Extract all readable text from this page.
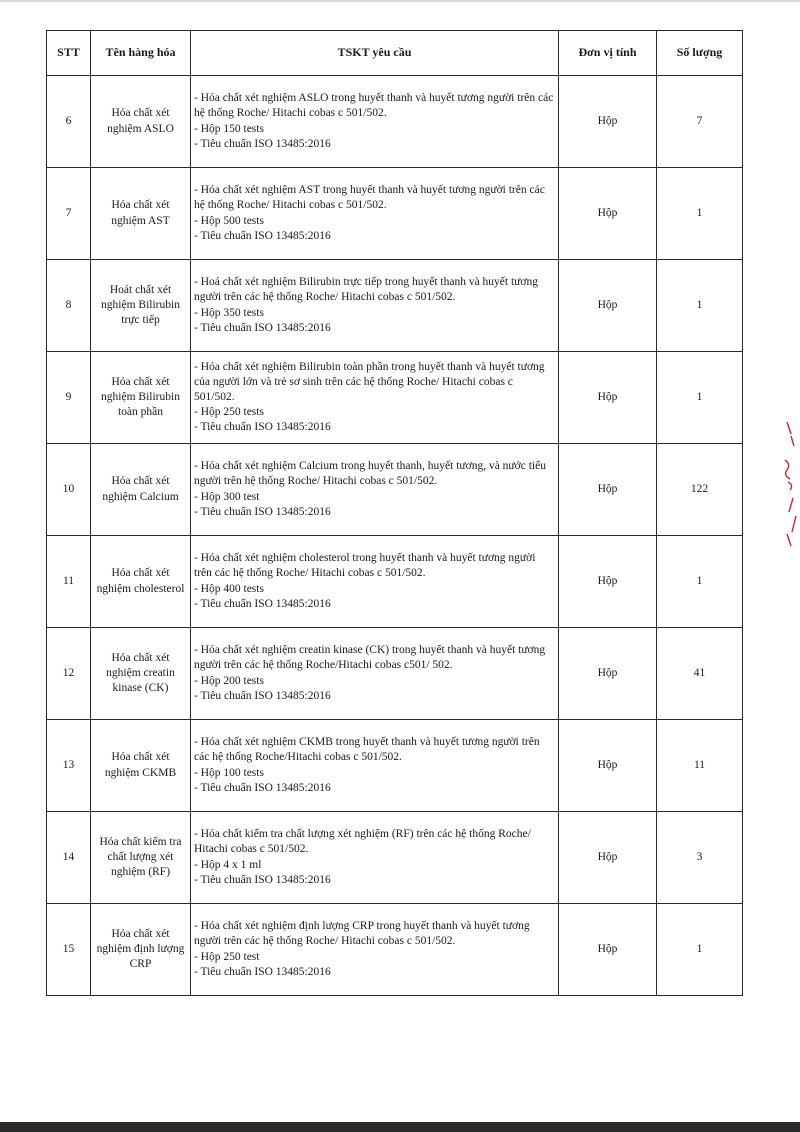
STT	Tên hàng hóa	TSKT yêu cầu	Đơn vị tính	Số lượng
6	Hóa chất xét nghiệm ASLO	- Hóa chất xét nghiệm ASLO trong huyết thanh và huyết tương người trên các hệ thống Roche/ Hitachi cobas c 501/502.
- Hộp 150 tests
- Tiêu chuẩn ISO 13485:2016	Hộp	7
7	Hóa chất xét nghiệm AST	- Hóa chất xét nghiệm AST trong huyết thanh và huyết tương người trên các hệ thống Roche/ Hitachi cobas c 501/502.
- Hộp 500 tests
- Tiêu chuẩn ISO 13485:2016	Hộp	1
8	Hoát chất xét nghiệm Bilirubin trực tiếp	- Hoá chất xét nghiệm Bilirubin trực tiếp trong huyết thanh và huyết tương người trên các hệ thống Roche/ Hitachi cobas c 501/502.
- Hộp 350 tests
- Tiêu chuẩn ISO 13485:2016	Hộp	1
9	Hóa chất xét nghiệm Bilirubin toàn phần	- Hóa chất xét nghiệm Bilirubin toàn phần trong huyết thanh và huyết tương của người lớn và trẻ sơ sinh trên các hệ thống Roche/ Hitachi cobas c 501/502.
- Hộp 250 tests
- Tiêu chuẩn ISO 13485:2016	Hộp	1
10	Hóa chất xét nghiệm Calcium	- Hóa chất xét nghiệm Calcium trong huyết thanh, huyết tương, và nước tiểu người trên hệ thống Roche/ Hitachi cobas c 501/502.
- Hộp 300 test
- Tiêu chuẩn ISO 13485:2016	Hộp	122
11	Hóa chất xét nghiệm cholesterol	- Hóa chất xét nghiệm cholesterol trong huyết thanh và huyết tương người trên các hệ thống Roche/ Hitachi cobas c 501/502.
- Hộp 400 tests
- Tiêu chuẩn ISO 13485:2016	Hộp	1
12	Hóa chất xét nghiệm creatin kinase (CK)	- Hóa chất xét nghiệm creatin kinase (CK) trong huyết thanh và huyết tương người trên các hệ thống Roche/Hitachi cobas c501/ 502.
- Hộp 200 tests
- Tiêu chuẩn ISO 13485:2016	Hộp	41
13	Hóa chất xét nghiệm CKMB	- Hóa chất xét nghiệm CKMB trong huyết thanh và huyết tương người trên các hệ thống Roche/Hitachi cobas c 501/502.
- Hộp 100 tests
- Tiêu chuẩn ISO 13485:2016	Hộp	11
14	Hóa chất kiểm tra chất lượng xét nghiệm (RF)	- Hóa chất kiểm tra chất lượng xét nghiệm (RF) trên các hệ thống Roche/ Hitachi cobas c 501/502.
- Hộp 4 x 1 ml
- Tiêu chuẩn ISO 13485:2016	Hộp	3
15	Hóa chất xét nghiệm định lượng CRP	- Hóa chất xét nghiệm định lượng CRP trong huyết thanh và huyết tương người trên các hệ thống Roche/ Hitachi cobas c 501/502.
- Hộp 250 test
- Tiêu chuẩn ISO 13485:2016	Hộp	1
